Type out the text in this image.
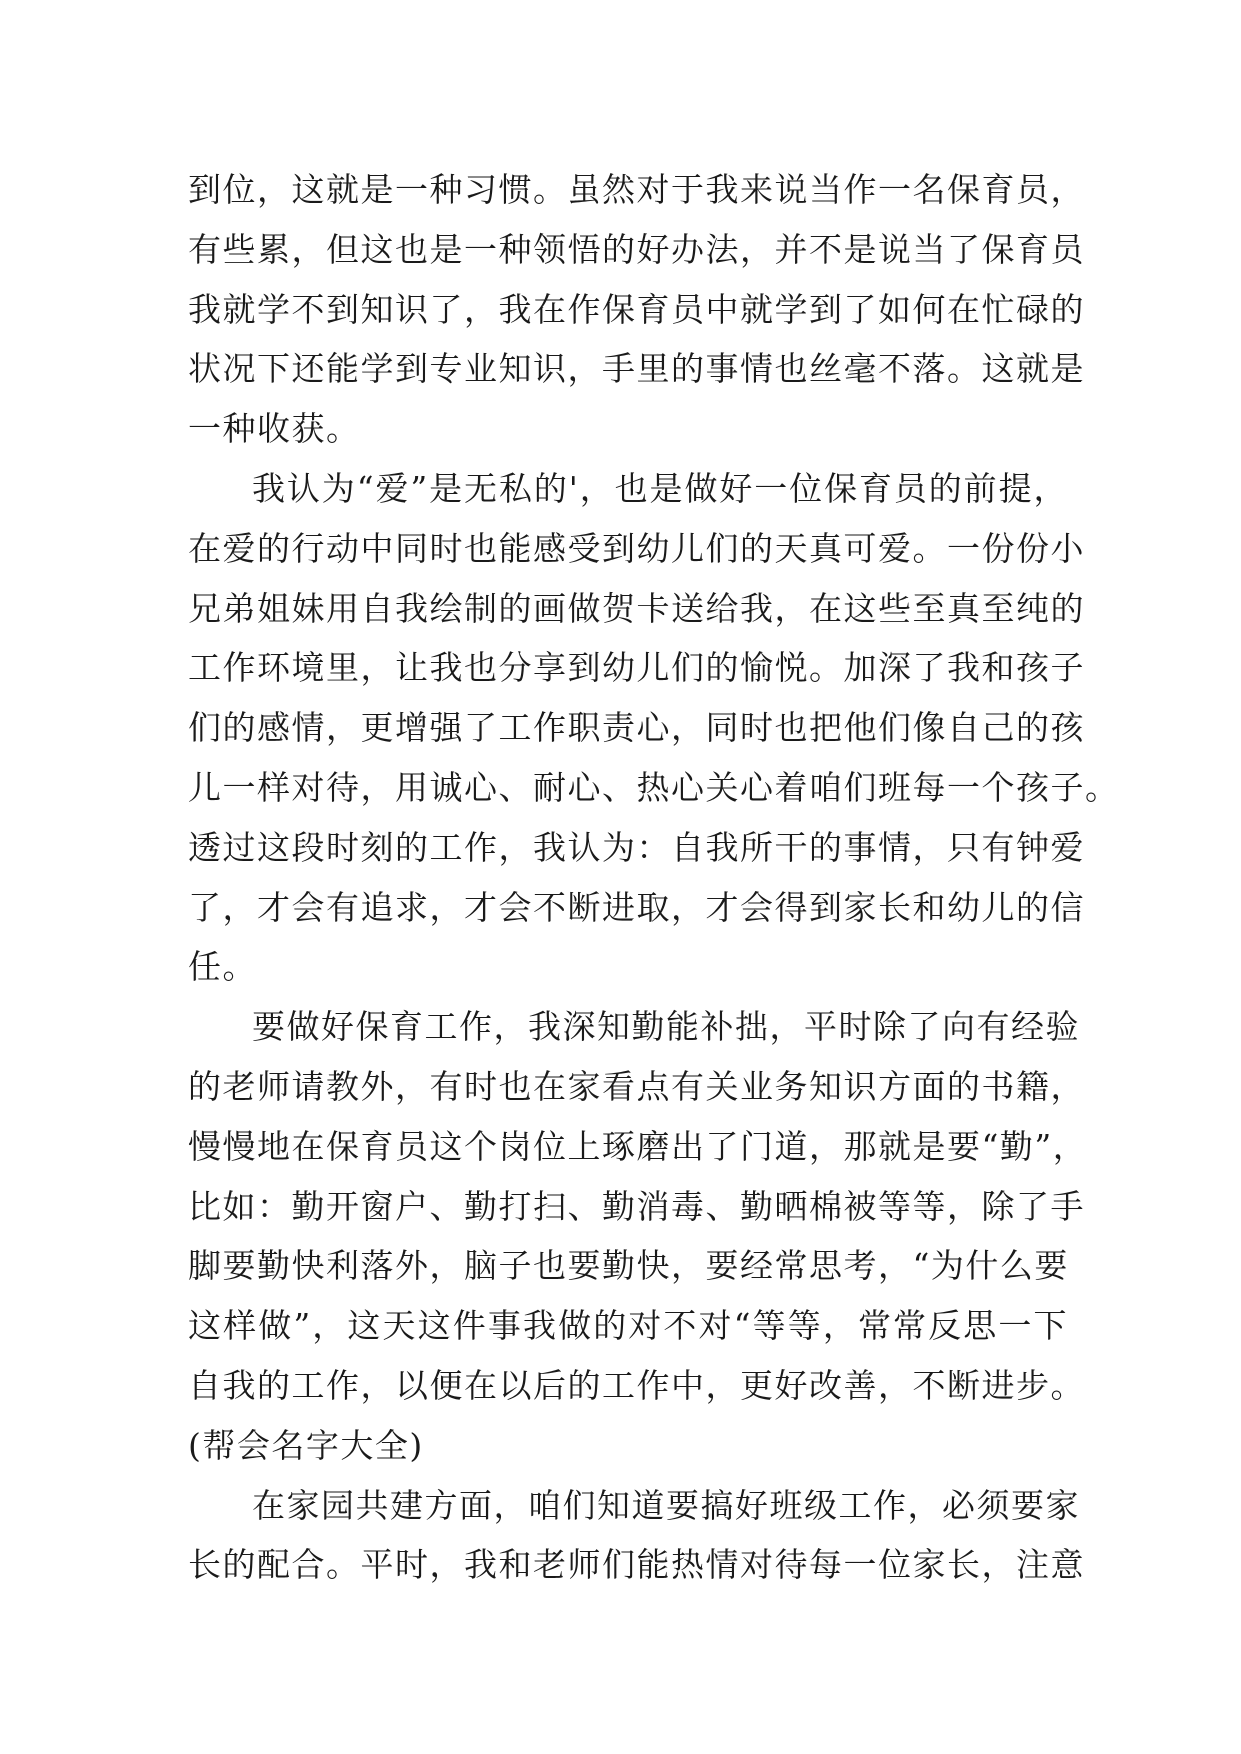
到位，这就是一种习惯。虽然对于我来说当作一名保育员，
有些累，但这也是一种领悟的好办法，并不是说当了保育员
我就学不到知识了，我在作保育员中就学到了如何在忙碌的
状况下还能学到专业知识，手里的事情也丝毫不落。这就是
一种收获。
我认为“爱”是无私的'，也是做好一位保育员的前提，
在爱的行动中同时也能感受到幼儿们的天真可爱。一份份小
兄弟姐妹用自我绘制的画做贺卡送给我，在这些至真至纯的
工作环境里，让我也分享到幼儿们的愉悦。加深了我和孩子
们的感情，更增强了工作职责心，同时也把他们像自己的孩
儿一样对待，用诚心、耐心、热心关心着咱们班每一个孩子。
透过这段时刻的工作，我认为：自我所干的事情，只有钟爱
了，才会有追求，才会不断进取，才会得到家长和幼儿的信
任。
要做好保育工作，我深知勤能补拙，平时除了向有经验
的老师请教外，有时也在家看点有关业务知识方面的书籍，
慢慢地在保育员这个岗位上琢磨出了门道，那就是要“勤”，
比如：勤开窗户、勤打扫、勤消毒、勤晒棉被等等，除了手
脚要勤快利落外，脑子也要勤快，要经常思考，“为什么要
这样做”，这天这件事我做的对不对“等等，常常反思一下
自我的工作，以便在以后的工作中，更好改善，不断进步。
(帮会名字大全)
在家园共建方面，咱们知道要搞好班级工作，必须要家
长的配合。平时，我和老师们能热情对待每一位家长，注意
